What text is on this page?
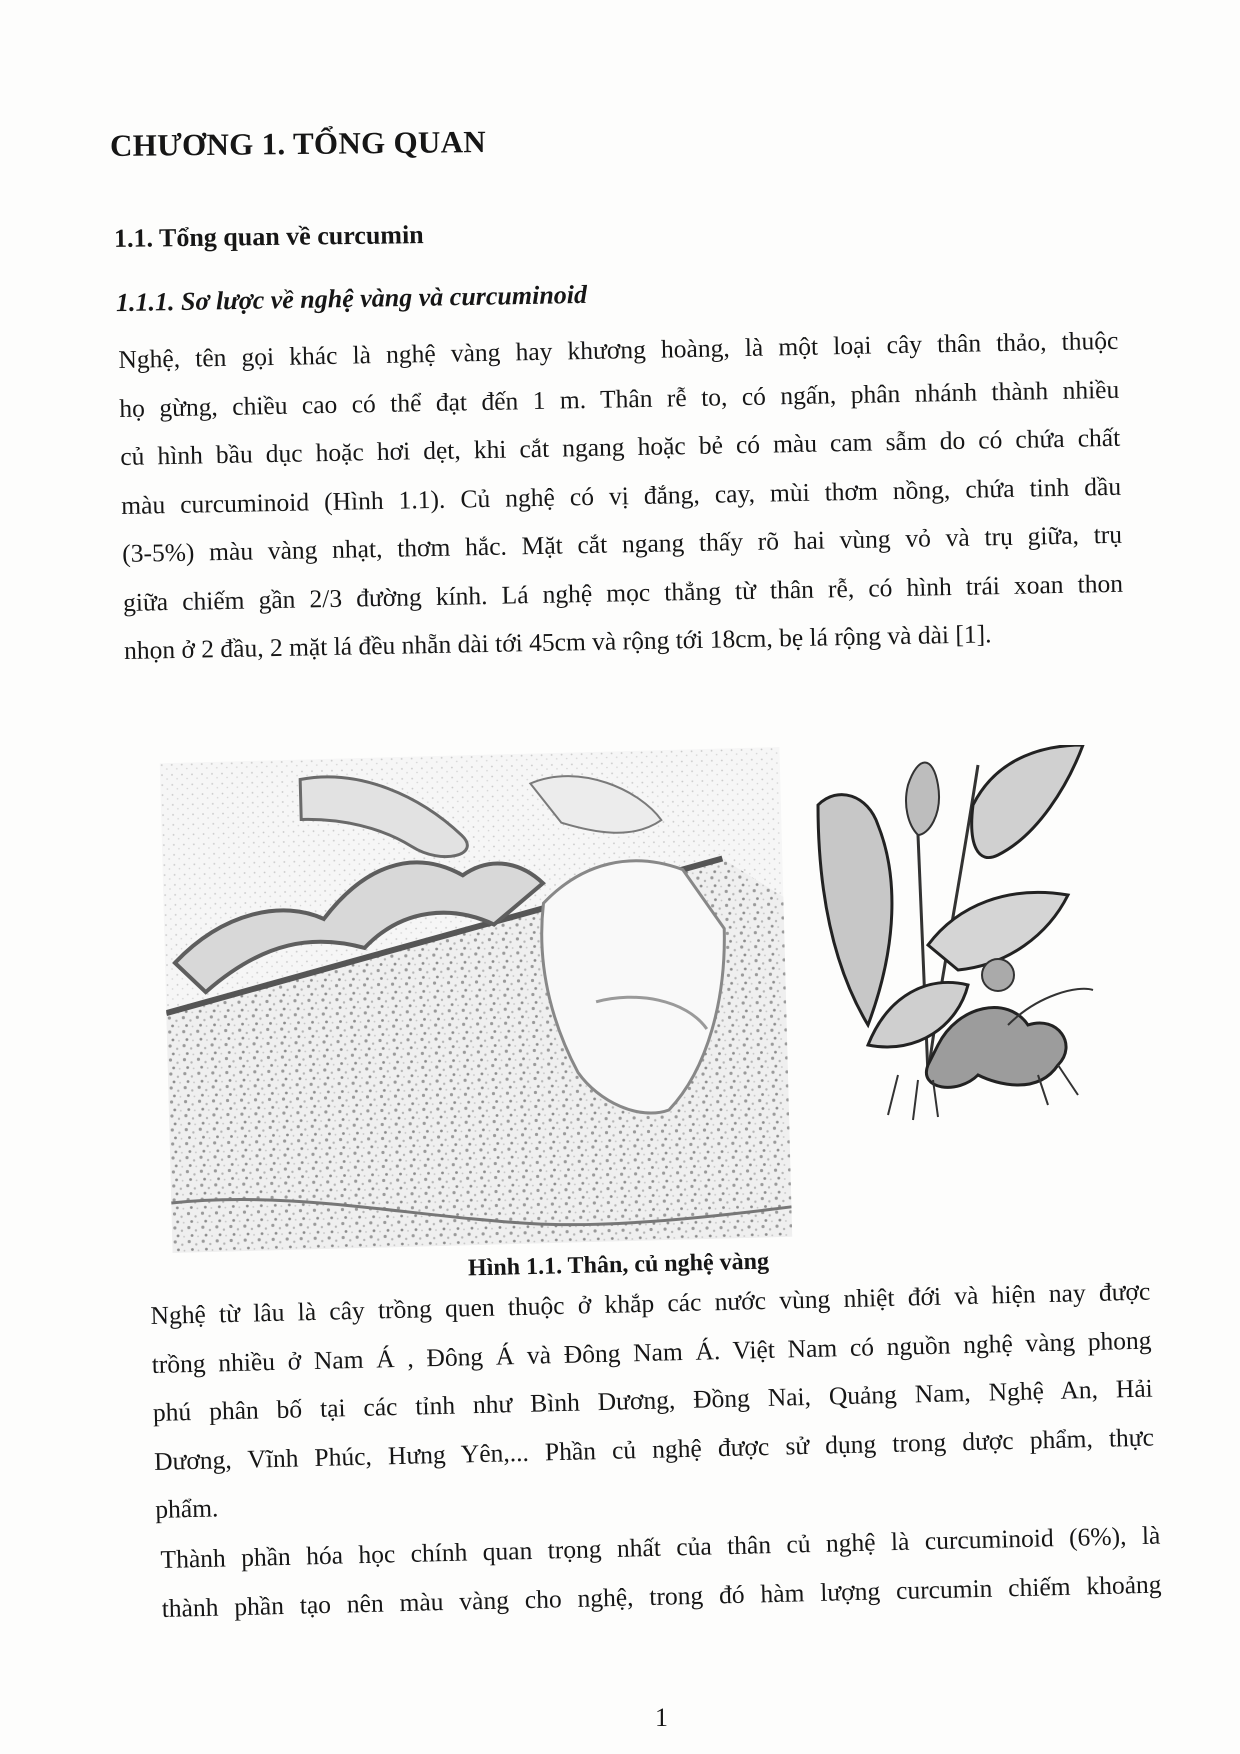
CHƯƠNG 1. TỔNG QUAN
1.1. Tổng quan về curcumin
1.1.1. Sơ lược về nghệ vàng và curcuminoid
Nghệ, tên gọi khác là nghệ vàng hay khương hoàng, là một loại cây thân thảo, thuộc
họ gừng, chiều cao có thể đạt đến 1 m. Thân rễ to, có ngấn, phân nhánh thành nhiều
củ hình bầu dục hoặc hơi dẹt, khi cắt ngang hoặc bẻ có màu cam sẫm do có chứa chất
màu curcuminoid (Hình 1.1). Củ nghệ có vị đắng, cay, mùi thơm nồng, chứa tinh dầu
(3-5%) màu vàng nhạt, thơm hắc. Mặt cắt ngang thấy rõ hai vùng vỏ và trụ giữa, trụ
giữa chiếm gần 2/3 đường kính. Lá nghệ mọc thẳng từ thân rễ, có hình trái xoan thon
nhọn ở 2 đầu, 2 mặt lá đều nhẵn dài tới 45cm và rộng tới 18cm, bẹ lá rộng và dài [1].
Hình 1.1. Thân, củ nghệ vàng
Nghệ từ lâu là cây trồng quen thuộc ở khắp các nước vùng nhiệt đới và hiện nay được
trồng nhiều ở Nam Á , Đông Á và Đông Nam Á. Việt Nam có nguồn nghệ vàng phong
phú phân bố tại các tỉnh như Bình Dương, Đồng Nai, Quảng Nam, Nghệ An, Hải
Dương, Vĩnh Phúc, Hưng Yên,... Phần củ nghệ được sử dụng trong dược phẩm, thực
phẩm.
Thành phần hóa học chính quan trọng nhất của thân củ nghệ là curcuminoid (6%), là
thành phần tạo nên màu vàng cho nghệ, trong đó hàm lượng curcumin chiếm khoảng
1
